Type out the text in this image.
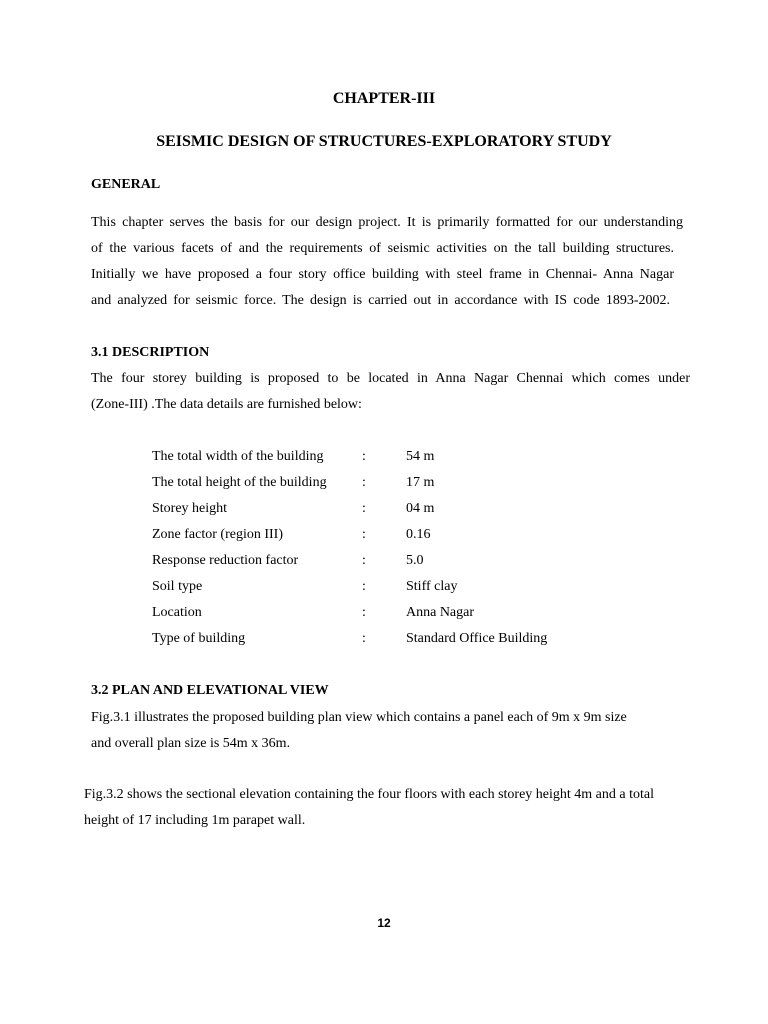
CHAPTER-III
SEISMIC DESIGN OF STRUCTURES-EXPLORATORY STUDY
GENERAL
This chapter serves the basis for our design project. It is primarily formatted for our understanding
of the various facets of and the requirements of seismic activities on the tall building structures.
Initially we have proposed a four story office building with steel frame in Chennai- Anna Nagar
and analyzed for seismic force. The design is carried out in accordance with IS code 1893-2002.
3.1 DESCRIPTION
The four storey building is proposed to be located in Anna Nagar Chennai which comes under
(Zone-III) .The data details are furnished below:
The total width of the building	:	54 m
The total height of the building	:	17 m
Storey height	:	04 m
Zone factor (region III)	:	0.16
Response reduction factor	:	5.0
Soil type	:	Stiff clay
Location	:	Anna Nagar
Type of building	:	Standard Office Building
3.2 PLAN AND ELEVATIONAL VIEW
Fig.3.1 illustrates the proposed building plan view which contains a panel each of 9m x 9m size
and overall plan size is 54m x 36m.
Fig.3.2 shows the sectional elevation containing the four floors with each storey height 4m and a total
height of 17 including 1m parapet wall.
12
